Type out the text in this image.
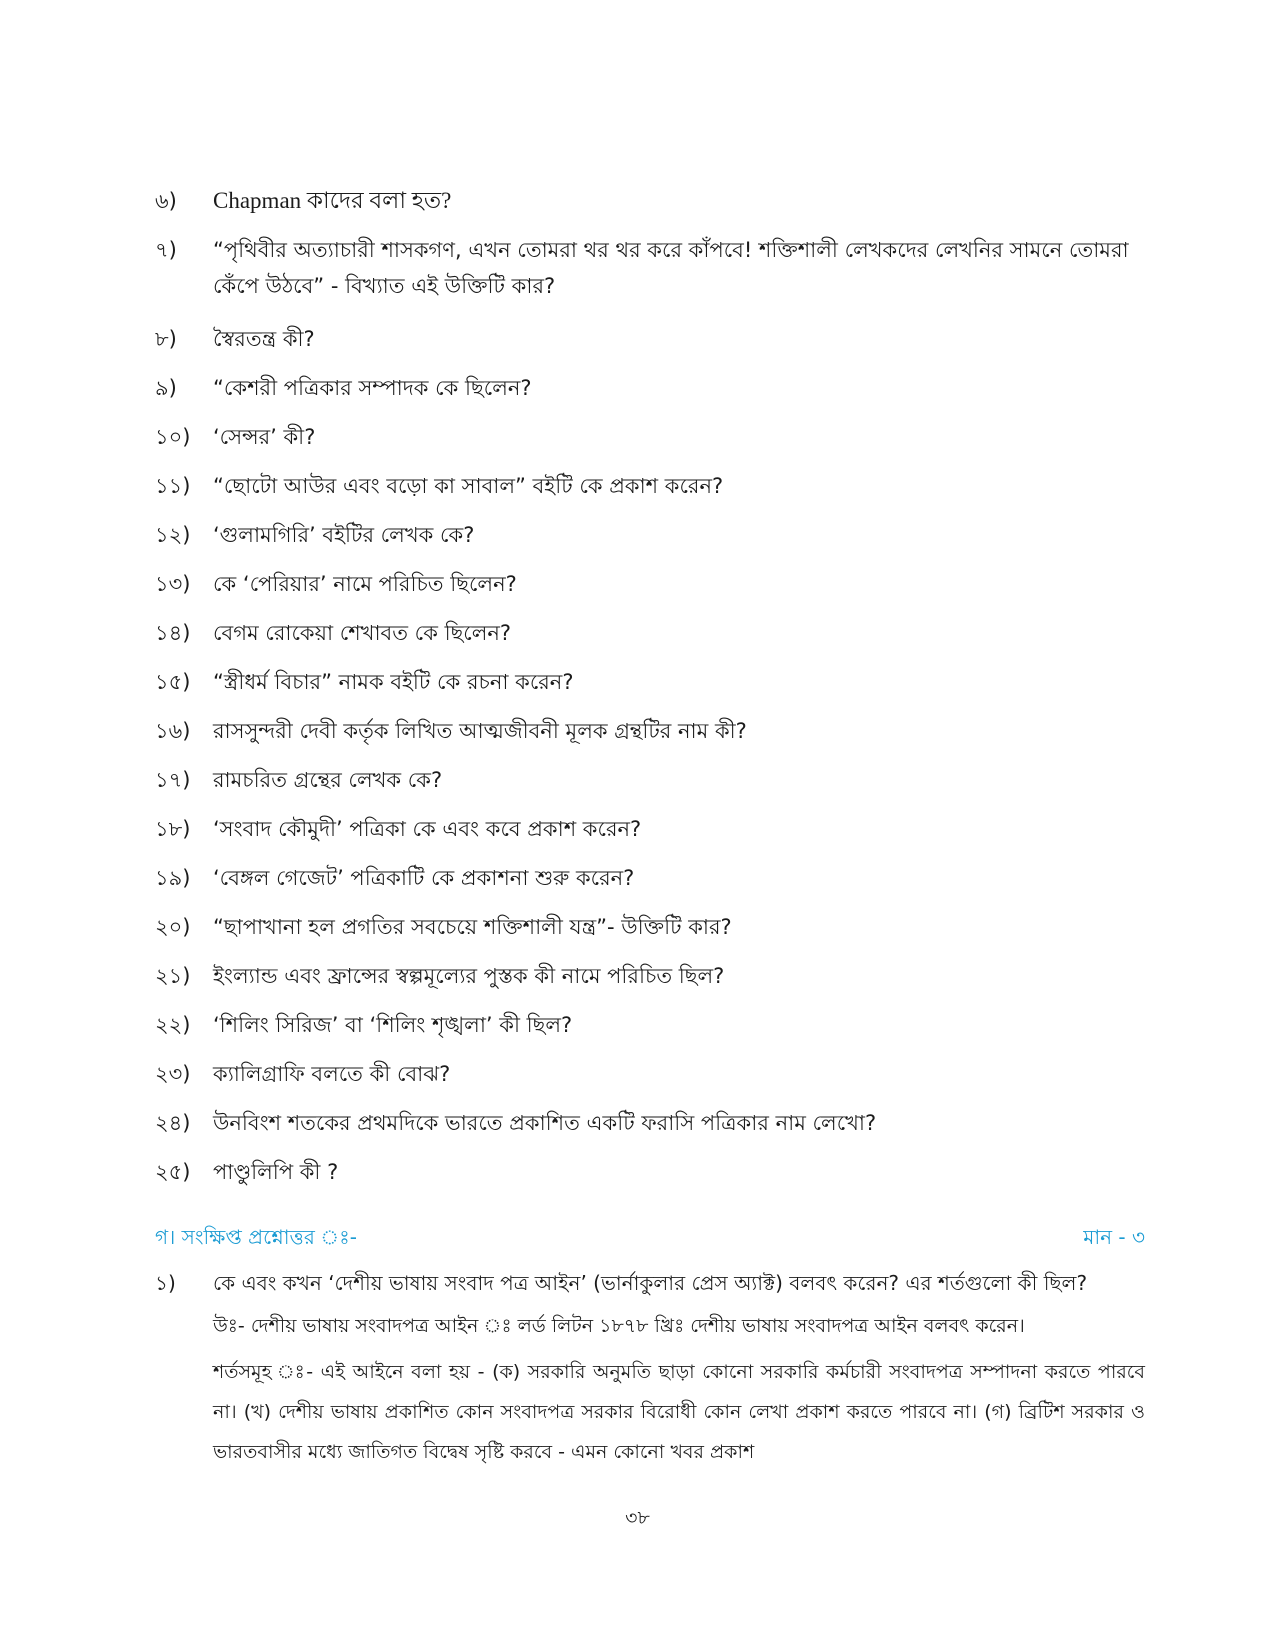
৬)	Chapman কাদের বলা হত?
৭)	“পৃথিবীর অত্যাচারী শাসকগণ, এখন তোমরা থর থর করে কাঁপবে! শক্তিশালী লেখকদের লেখনির সামনে তোমরা কেঁপে উঠবে” - বিখ্যাত এই উক্তিটি কার?
৮)	স্বৈরতন্ত্র কী?
৯)	“কেশরী পত্রিকার সম্পাদক কে ছিলেন?
১০)	‘সেন্সর’ কী?
১১)	“ছোটো আউর এবং বড়ো কা সাবাল” বইটি কে প্রকাশ করেন?
১২)	‘গুলামগিরি’ বইটির লেখক কে?
১৩)	কে ‘পেরিয়ার’ নামে পরিচিত ছিলেন?
১৪)	বেগম রোকেয়া শেখাবত কে ছিলেন?
১৫)	“স্ত্রীধর্ম বিচার” নামক বইটি কে রচনা করেন?
১৬)	রাসসুন্দরী দেবী কর্তৃক লিখিত আত্মজীবনী মূলক গ্রন্থটির নাম কী?
১৭)	রামচরিত গ্রন্থের লেখক কে?
১৮)	‘সংবাদ কৌমুদী’ পত্রিকা কে এবং কবে প্রকাশ করেন?
১৯)	‘বেঙ্গল গেজেট’ পত্রিকাটি কে প্রকাশনা শুরু করেন?
২০)	“ছাপাখানা হল প্রগতির সবচেয়ে শক্তিশালী যন্ত্র”- উক্তিটি কার?
২১)	ইংল্যান্ড এবং ফ্রান্সের স্বল্পমূল্যের পুস্তক কী নামে পরিচিত ছিল?
২২)	‘শিলিং সিরিজ’ বা ‘শিলিং শৃঙ্খলা’ কী ছিল?
২৩)	ক্যালিগ্রাফি বলতে কী বোঝ?
২৪)	উনবিংশ শতকের প্রথমদিকে ভারতে প্রকাশিত একটি ফরাসি পত্রিকার নাম লেখো?
২৫)	পাণ্ডুলিপি কী ?
গ। সংক্ষিপ্ত প্রশ্নোত্তর ঃ-	মান - ৩
১)	কে এবং কখন ‘দেশীয় ভাষায় সংবাদ পত্র আইন’ (ভার্নাকুলার প্রেস অ্যাক্ট) বলবৎ করেন? এর শর্তগুলো কী ছিল?
উঃ- দেশীয় ভাষায় সংবাদপত্র আইন ঃ লর্ড লিটন ১৮৭৮ খ্রিঃ দেশীয় ভাষায় সংবাদপত্র আইন বলবৎ করেন।
শর্তসমূহ ঃ- এই আইনে বলা হয় - (ক) সরকারি অনুমতি ছাড়া কোনো সরকারি কর্মচারী সংবাদপত্র সম্পাদনা করতে পারবে না। (খ) দেশীয় ভাষায় প্রকাশিত কোন সংবাদপত্র সরকার বিরোধী কোন লেখা প্রকাশ করতে পারবে না। (গ) ব্রিটিশ সরকার ও ভারতবাসীর মধ্যে জাতিগত বিদ্বেষ সৃষ্টি করবে - এমন কোনো খবর প্রকাশ
৩৮
